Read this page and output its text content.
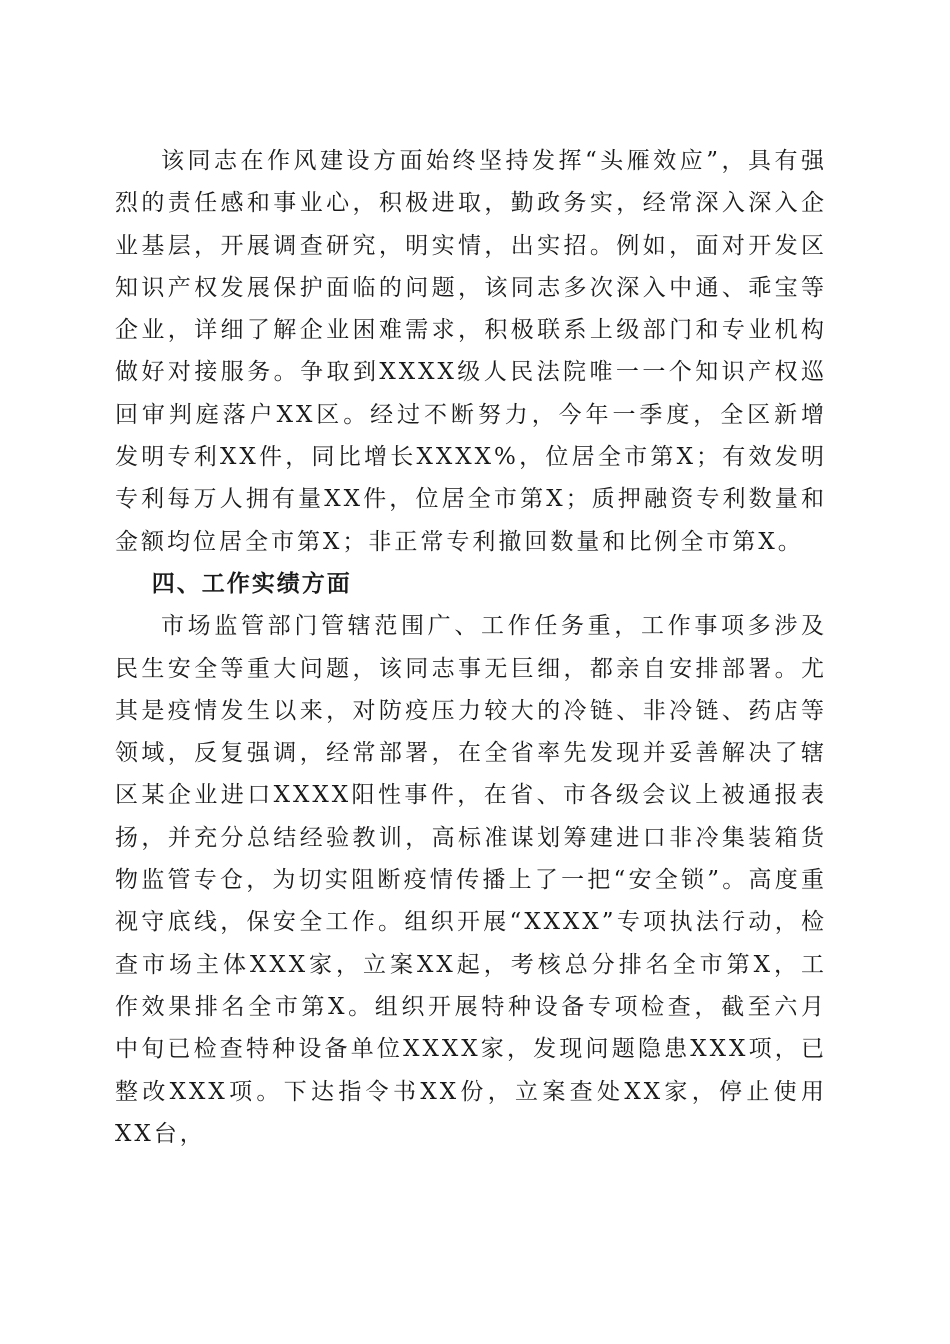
该同志在作风建设方面始终坚持发挥“头雁效应”，具有强烈的责任感和事业心，积极进取，勤政务实，经常深入深入企业基层，开展调查研究，明实情，出实招。例如，面对开发区知识产权发展保护面临的问题，该同志多次深入中通、乖宝等企业，详细了解企业困难需求，积极联系上级部门和专业机构做好对接服务。争取到XXXX级人民法院唯一一个知识产权巡回审判庭落户XX区。经过不断努力，今年一季度，全区新增发明专利XX件，同比增长XXXX%，位居全市第X；有效发明专利每万人拥有量XX件，位居全市第X；质押融资专利数量和金额均位居全市第X；非正常专利撤回数量和比例全市第X。

四、工作实绩方面

市场监管部门管辖范围广、工作任务重，工作事项多涉及民生安全等重大问题，该同志事无巨细，都亲自安排部署。尤其是疫情发生以来，对防疫压力较大的冷链、非冷链、药店等领域，反复强调，经常部署，在全省率先发现并妥善解决了辖区某企业进口XXXX阳性事件，在省、市各级会议上被通报表扬，并充分总结经验教训，高标准谋划筹建进口非冷集装箱货物监管专仓，为切实阻断疫情传播上了一把“安全锁”。高度重视守底线，保安全工作。组织开展“XXXX”专项执法行动，检查市场主体XXX家，立案XX起，考核总分排名全市第X，工作效果排名全市第X。组织开展特种设备专项检查，截至六月中旬已检查特种设备单位XXXX家，发现问题隐患XXX项，已整改XXX项。下达指令书XX份，立案查处XX家，停止使用XX台，
